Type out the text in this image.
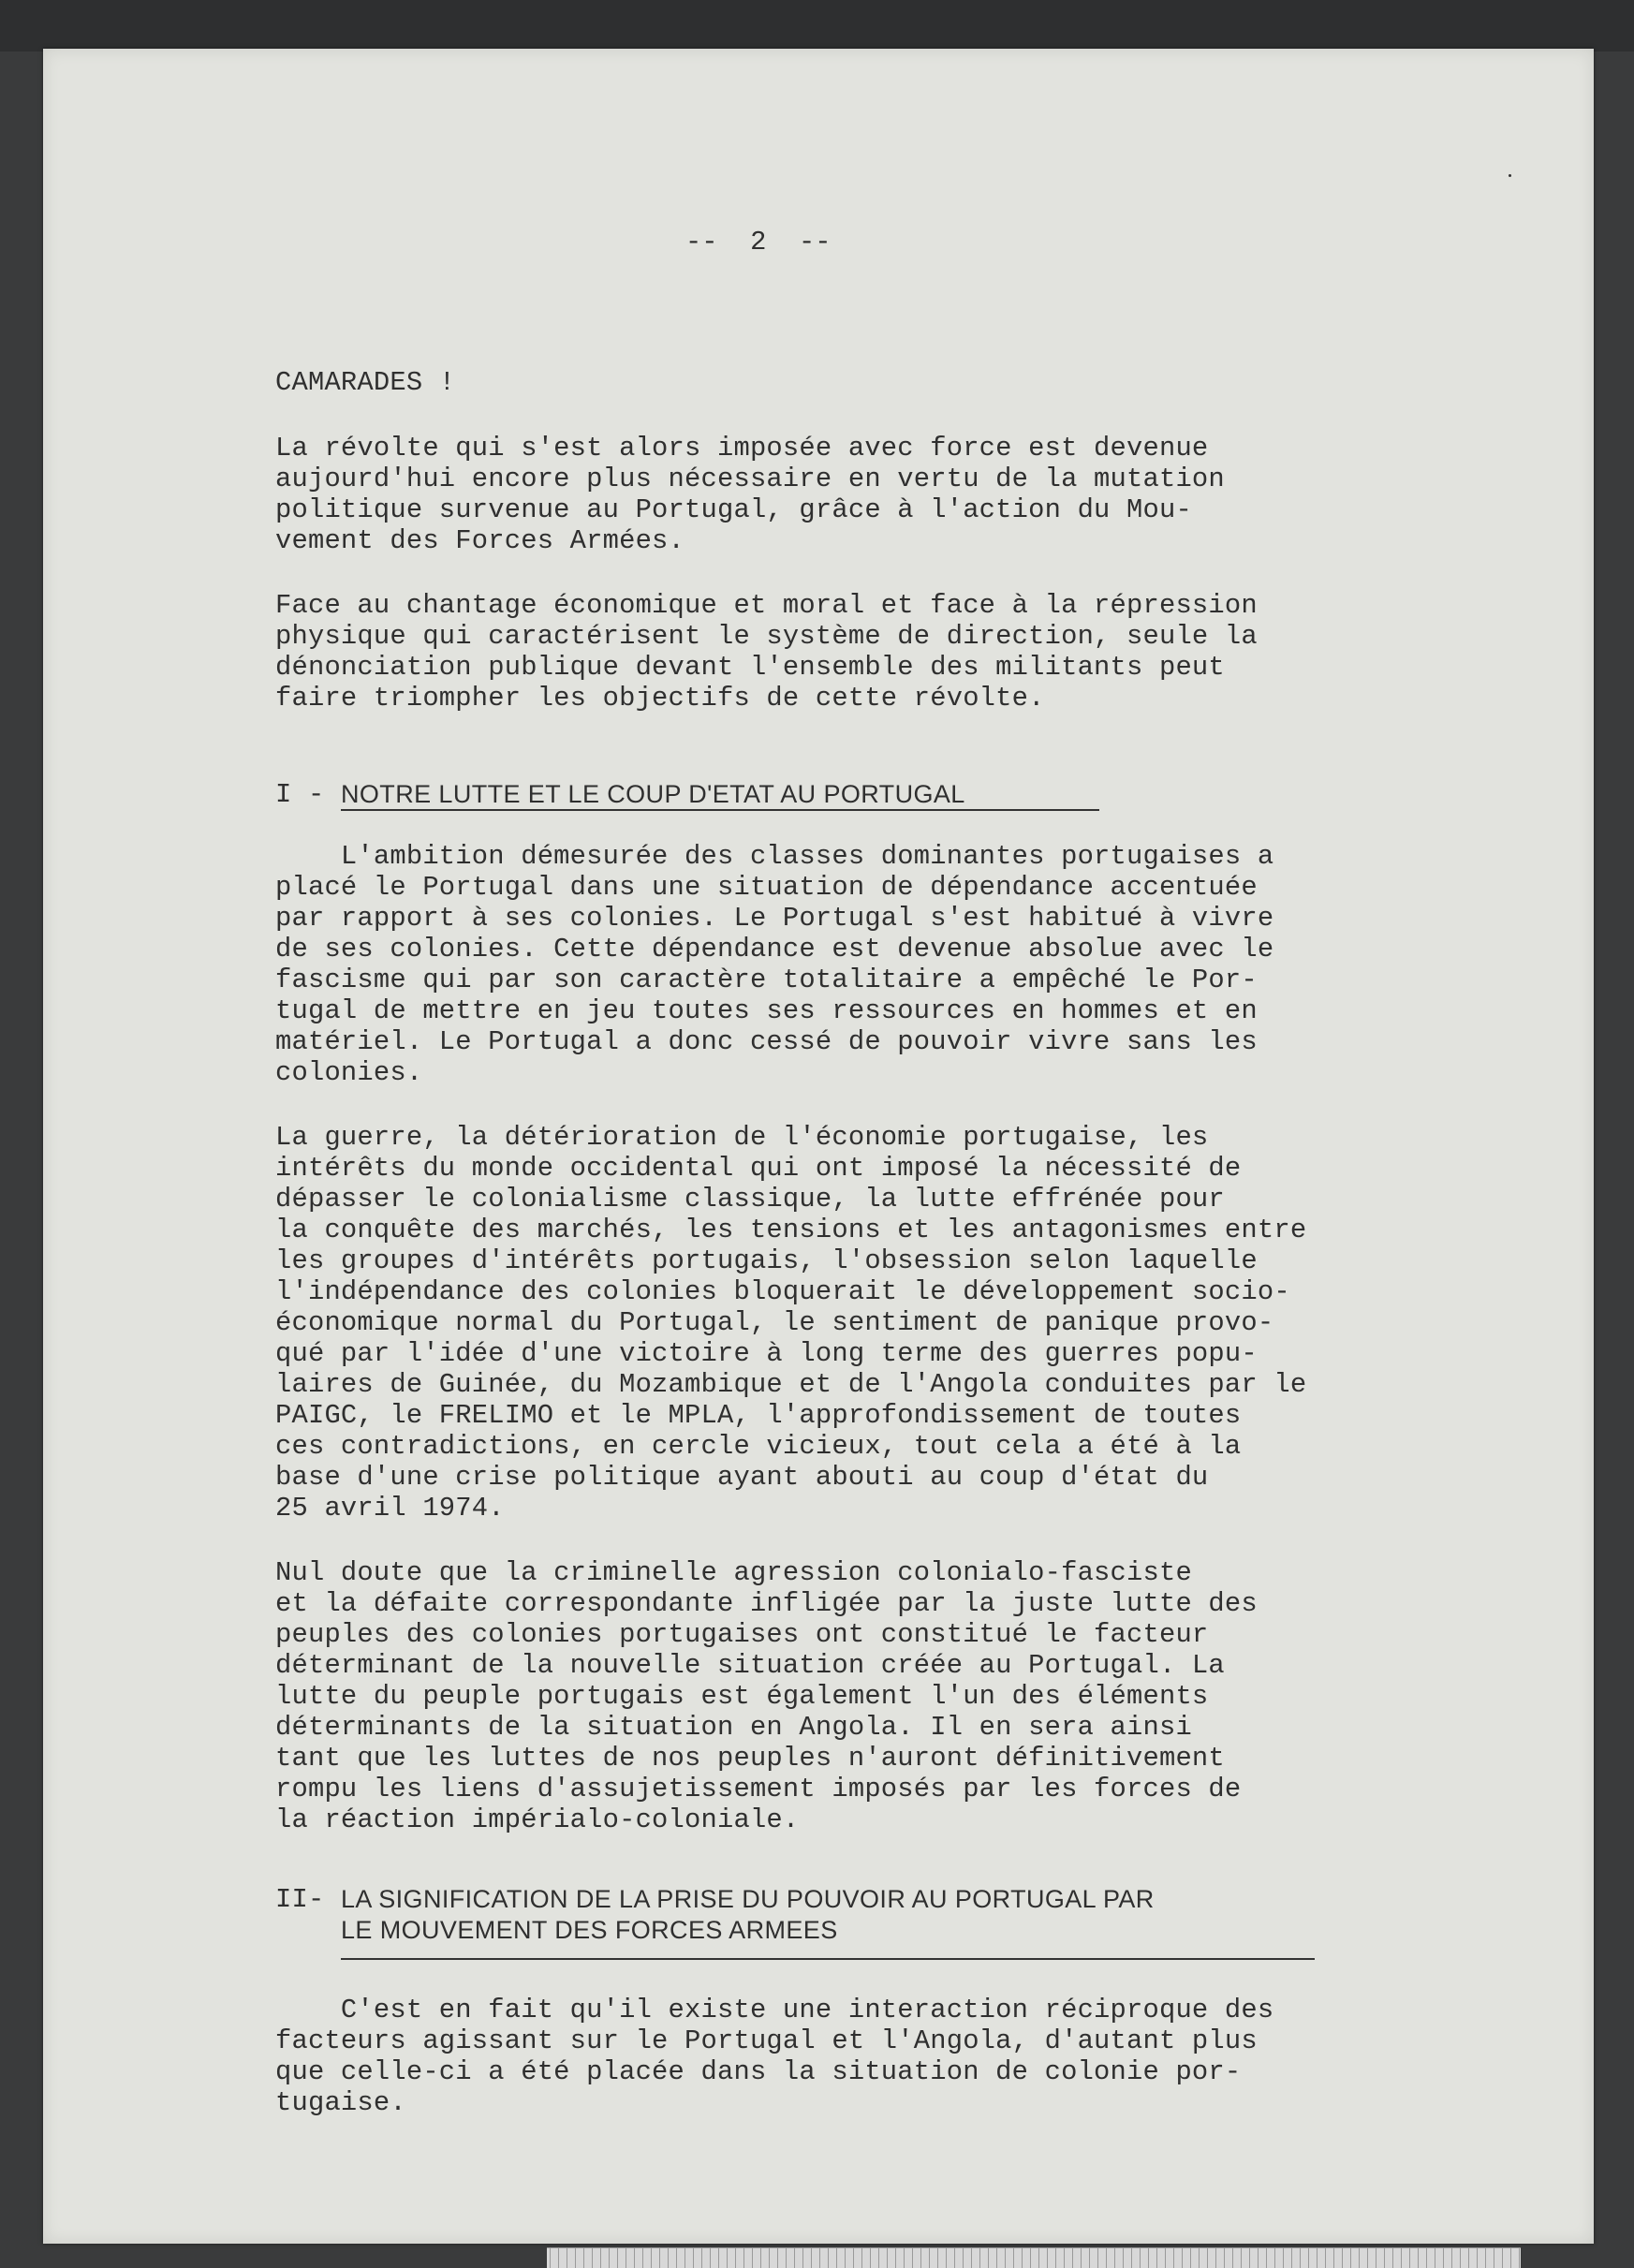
--  2  --
CAMARADES !
La révolte qui s'est alors imposée avec force est devenue
aujourd'hui encore plus nécessaire en vertu de la mutation
politique survenue au Portugal, grâce à l'action du Mou-
vement des Forces Armées.
Face au chantage économique et moral et face à la répression
physique qui caractérisent le système de direction, seule la
dénonciation publique devant l'ensemble des militants peut
faire triompher les objectifs de cette révolte.
I - NOTRE LUTTE ET LE COUP D'ETAT AU PORTUGAL
L'ambition démesurée des classes dominantes portugaises a
placé le Portugal dans une situation de dépendance accentuée
par rapport à ses colonies. Le Portugal s'est habitué à vivre
de ses colonies. Cette dépendance est devenue absolue avec le
fascisme qui par son caractère totalitaire a empêché le Por-
tugal de mettre en jeu toutes ses ressources en hommes et en
matériel. Le Portugal a donc cessé de pouvoir vivre sans les
colonies.
La guerre, la détérioration de l'économie portugaise, les
intérêts du monde occidental qui ont imposé la nécessité de
dépasser le colonialisme classique, la lutte effrénée pour
la conquête des marchés, les tensions et les antagonismes entre
les groupes d'intérêts portugais, l'obsession selon laquelle
l'indépendance des colonies bloquerait le développement socio-
économique normal du Portugal, le sentiment de panique provo-
qué par l'idée d'une victoire à long terme des guerres popu-
laires de Guinée, du Mozambique et de l'Angola conduites par le
PAIGC, le FRELIMO et le MPLA, l'approfondissement de toutes
ces contradictions, en cercle vicieux, tout cela a été à la
base d'une crise politique ayant abouti au coup d'état du
25 avril 1974.
Nul doute que la criminelle agression colonialo-fasciste
et la défaite correspondante infligée par la juste lutte des
peuples des colonies portugaises ont constitué le facteur
déterminant de la nouvelle situation créée au Portugal. La
lutte du peuple portugais est également l'un des éléments
déterminants de la situation en Angola. Il en sera ainsi
tant que les luttes de nos peuples n'auront définitivement
rompu les liens d'assujetissement imposés par les forces de
la réaction impérialo-coloniale.
II- LA SIGNIFICATION DE LA PRISE DU POUVOIR AU PORTUGAL PAR
LE MOUVEMENT DES FORCES ARMEES
C'est en fait qu'il existe une interaction réciproque des
facteurs agissant sur le Portugal et l'Angola, d'autant plus
que celle-ci a été placée dans la situation de colonie por-
tugaise.
